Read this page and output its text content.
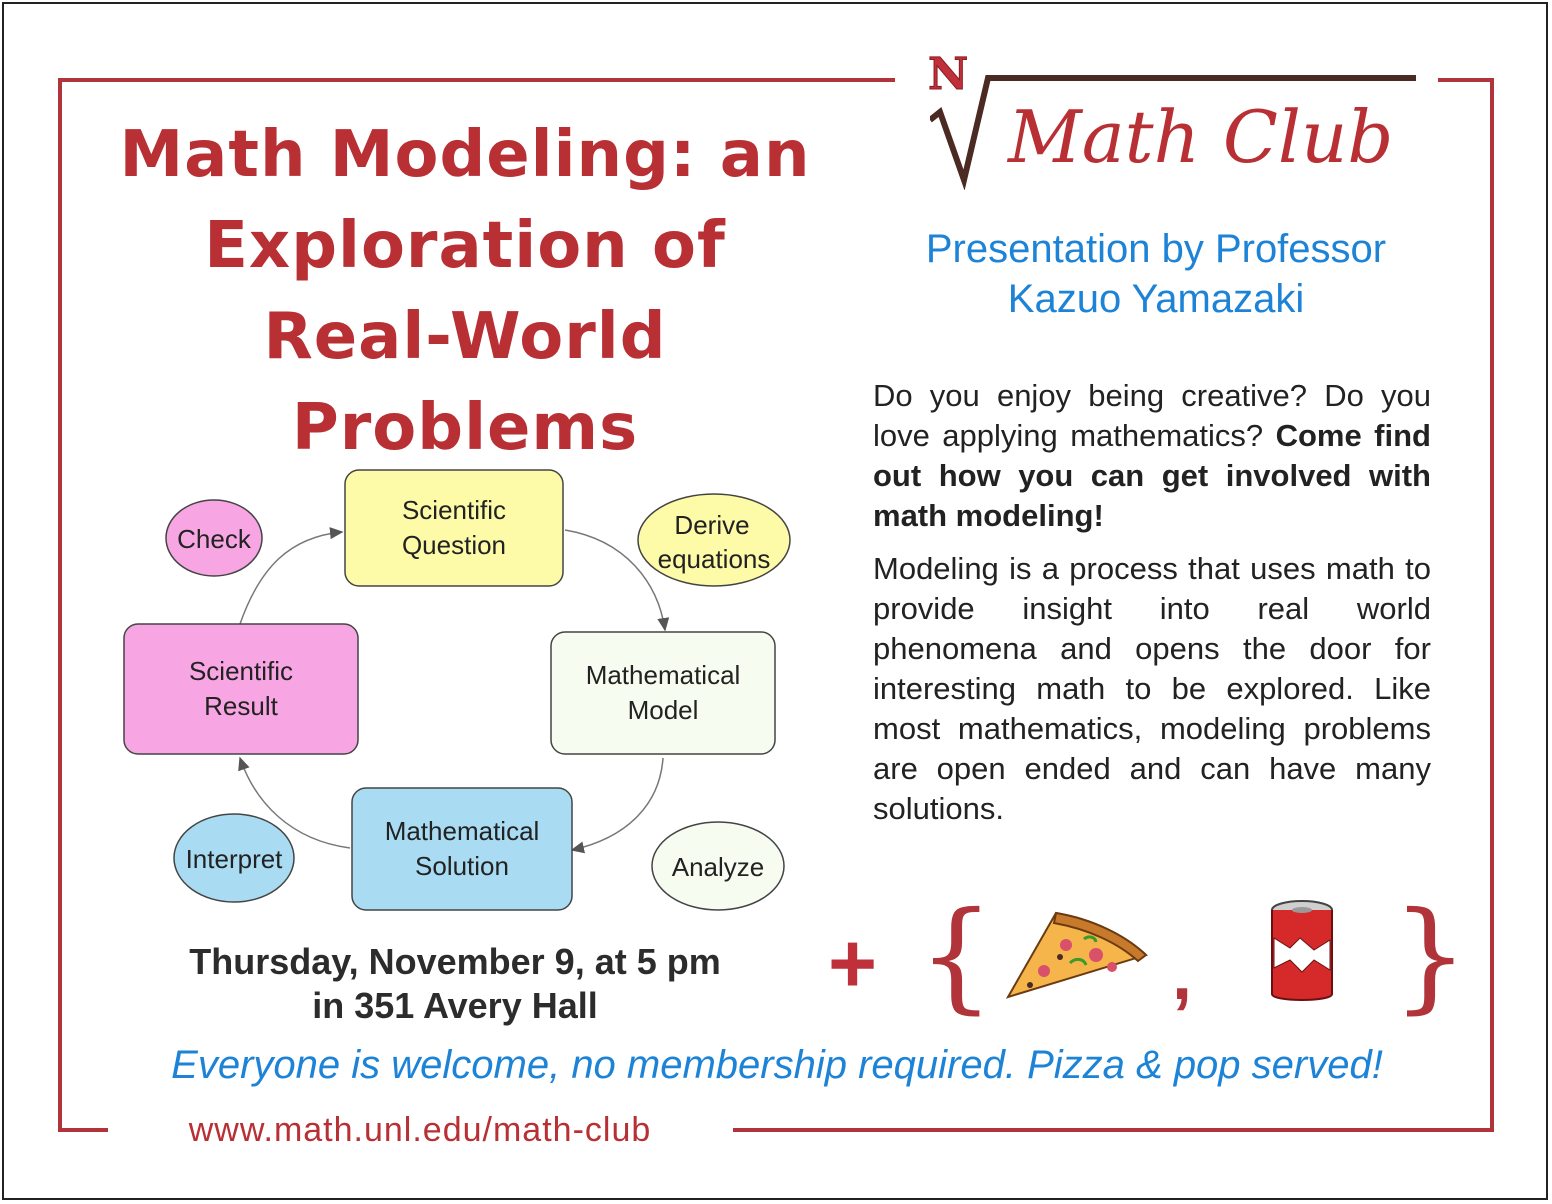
Math Modeling: an
Exploration of
Real-World
Problems
N
Math Club
Presentation by Professor
Kazuo Yamazaki

Do you enjoy being creative? Do you love applying mathematics? Come find out how you can get involved with math modeling!

Modeling is a process that uses math to provide insight into real world phenomena and opens the door for interesting math to be explored. Like most mathematics, modeling problems are open ended and can have many solutions.

Scientific
Question
Mathematical
Model
Mathematical
Solution
Scientific
Result
Check	Derive
equations
Analyze
Interpret
Thursday, November 9, at 5 pm
in 351 Avery Hall	+ { , }
Everyone is welcome, no membership required. Pizza & pop served!
www.math.unl.edu/math-club
